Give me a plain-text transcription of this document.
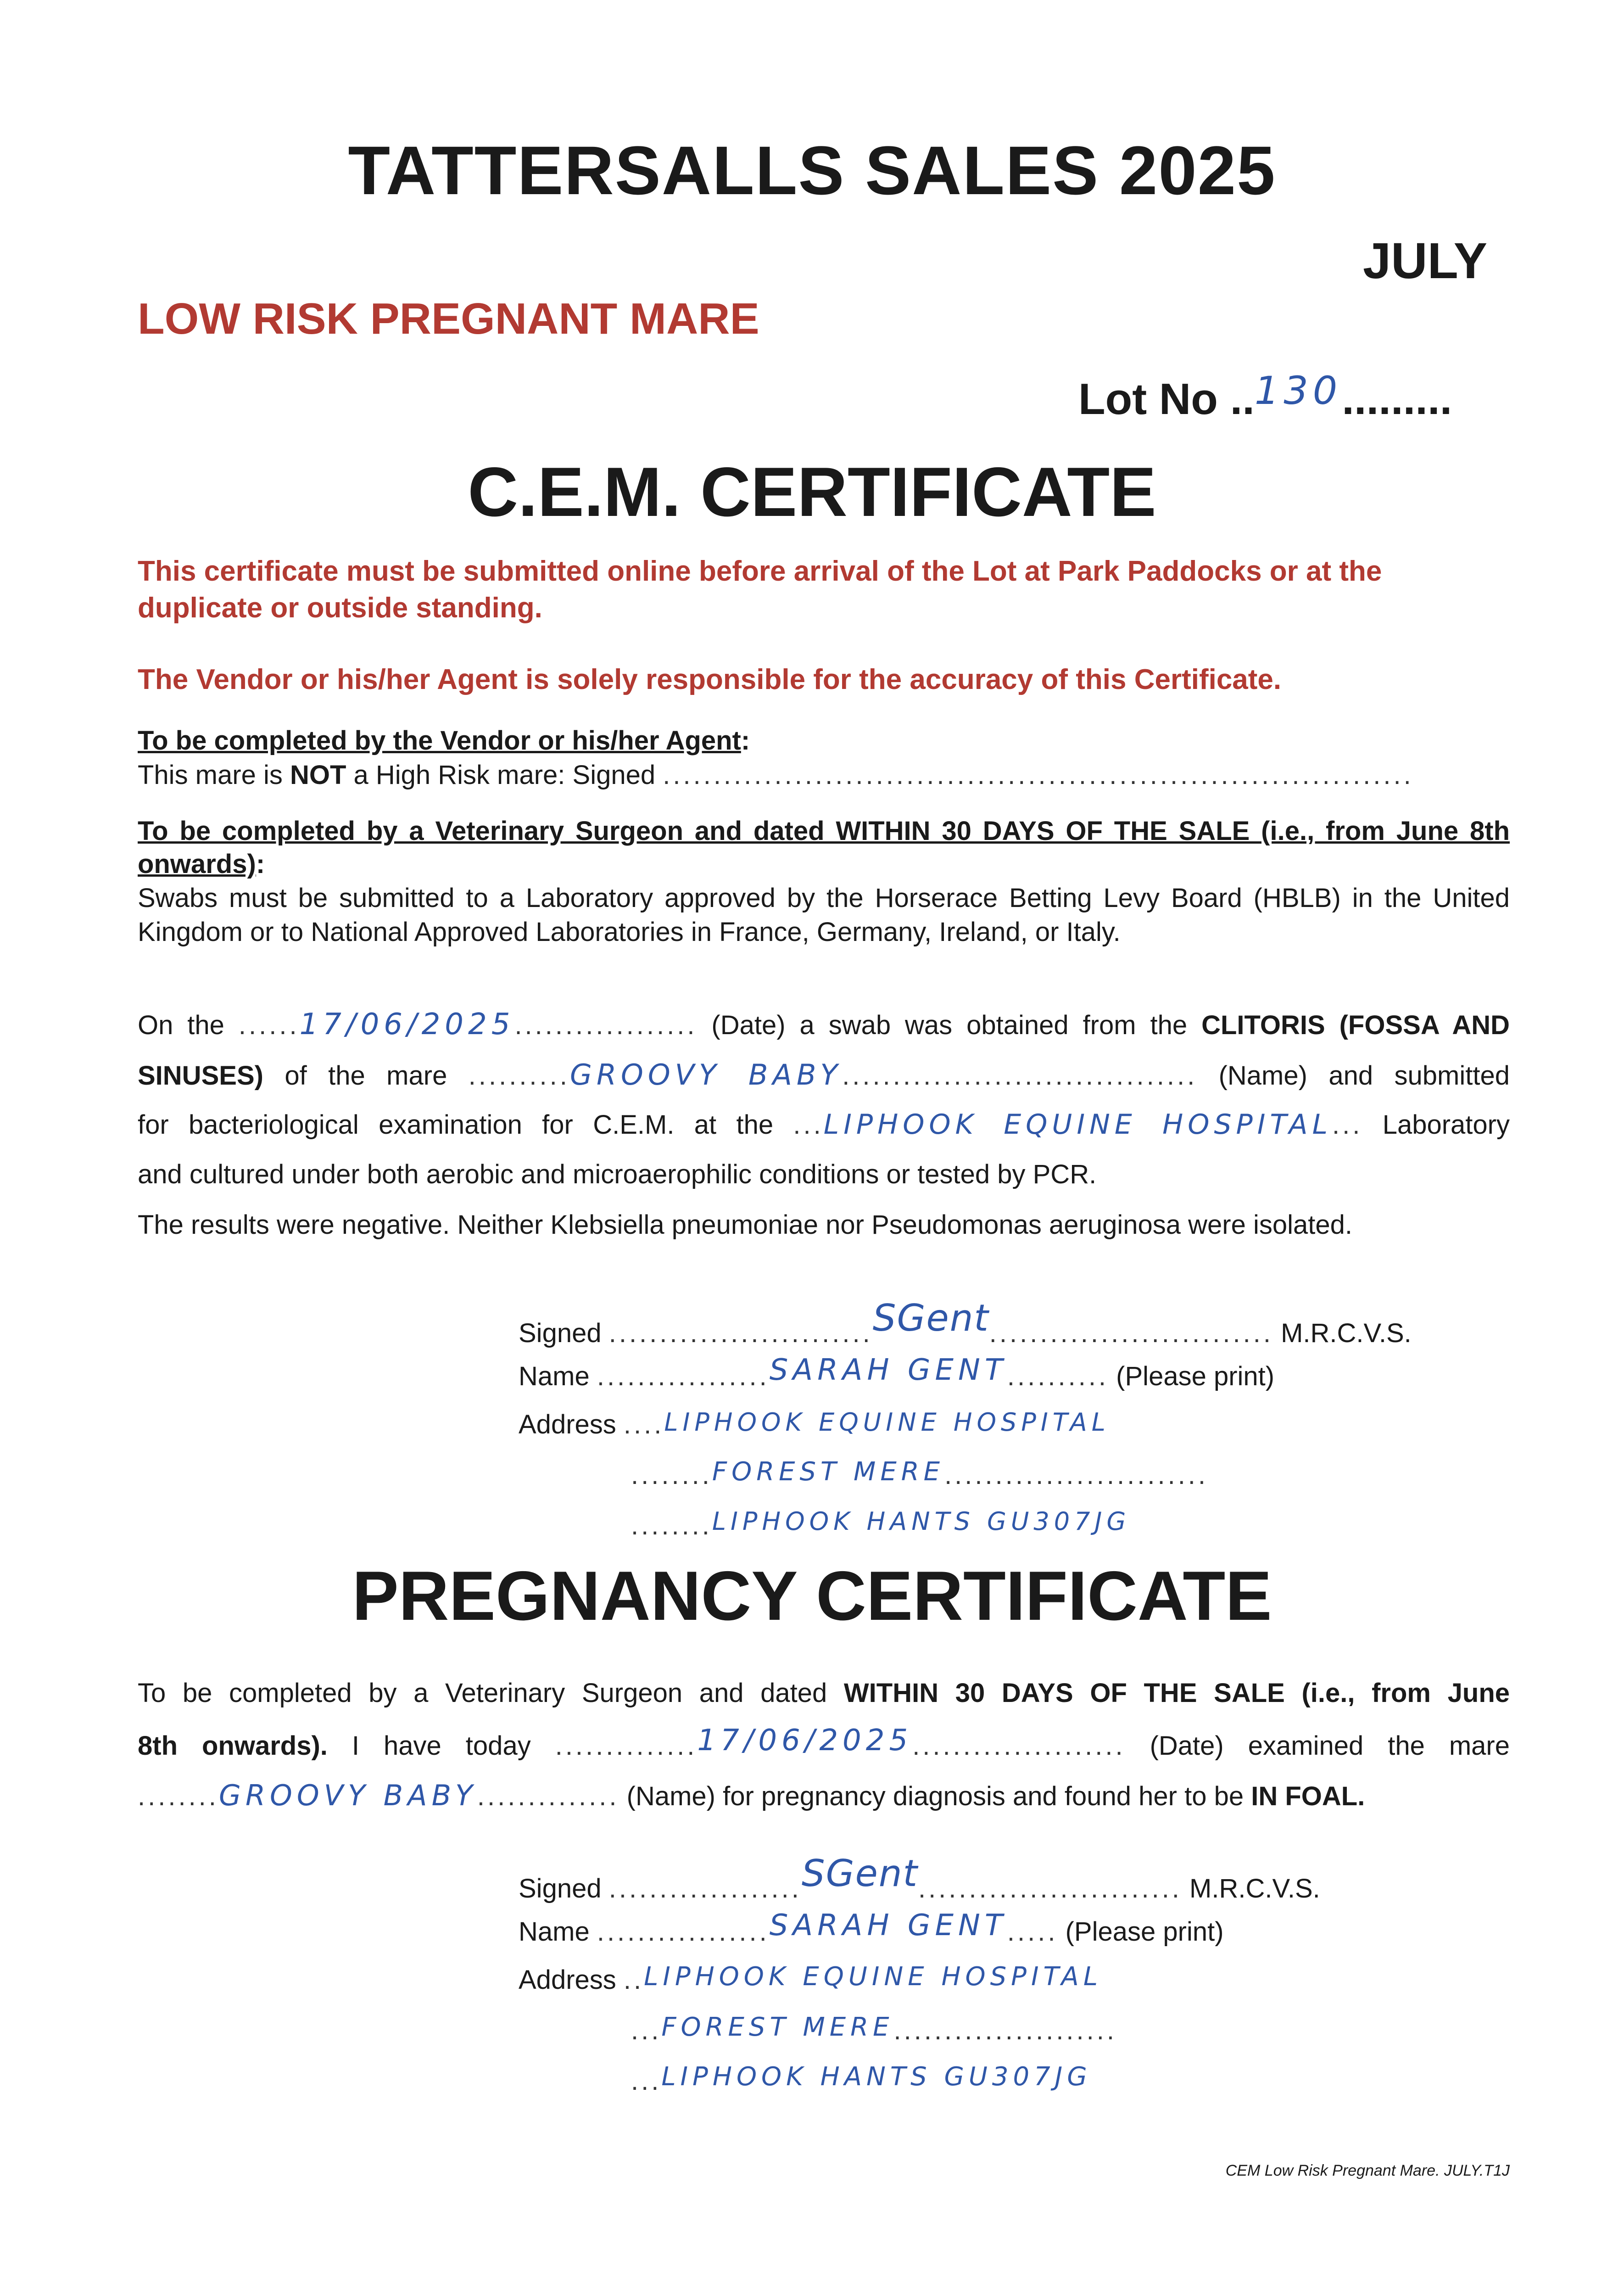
TATTERSALLS SALES 2025
JULY
LOW RISK PREGNANT MARE
Lot No ..130.........
C.E.M. CERTIFICATE
This certificate must be submitted online before arrival of the Lot at Park Paddocks or at the duplicate or outside standing.
The Vendor or his/her Agent is solely responsible for the accuracy of this Certificate.
To be completed by the Vendor or his/her Agent:
This mare is NOT a High Risk mare: Signed ..........................................................................
To be completed by a Veterinary Surgeon and dated WITHIN 30 DAYS OF THE SALE (i.e., from June 8th onwards):
Swabs must be submitted to a Laboratory approved by the Horserace Betting Levy Board (HBLB) in the United Kingdom or to National Approved Laboratories in France, Germany, Ireland, or Italy.
On the ......17/06/2025.................. (Date) a swab was obtained from the CLITORIS (FOSSA AND
SINUSES) of the mare ..........GROOVY BABY................................... (Name) and submitted
for bacteriological examination for C.E.M. at the ...LIPHOOK EQUINE HOSPITAL... Laboratory
and cultured under both aerobic and microaerophilic conditions or tested by PCR.
The results were negative. Neither Klebsiella pneumoniae nor Pseudomonas aeruginosa were isolated.
Signed ..........................SGent............................ M.R.C.V.S.
Name .................SARAH GENT.......... (Please print)
Address ....LIPHOOK EQUINE HOSPITAL
........FOREST MERE..........................
........LIPHOOK HANTS GU307JG
PREGNANCY CERTIFICATE
To be completed by a Veterinary Surgeon and dated WITHIN 30 DAYS OF THE SALE (i.e., from June
8th onwards). I have today ..............17/06/2025..................... (Date) examined the mare
........GROOVY BABY.............. (Name) for pregnancy diagnosis and found her to be IN FOAL.
Signed ...................SGent.......................... M.R.C.V.S.
Name .................SARAH GENT..... (Please print)
Address ..LIPHOOK EQUINE HOSPITAL
...FOREST MERE......................
...LIPHOOK HANTS GU307JG
CEM Low Risk Pregnant Mare. JULY.T1J
